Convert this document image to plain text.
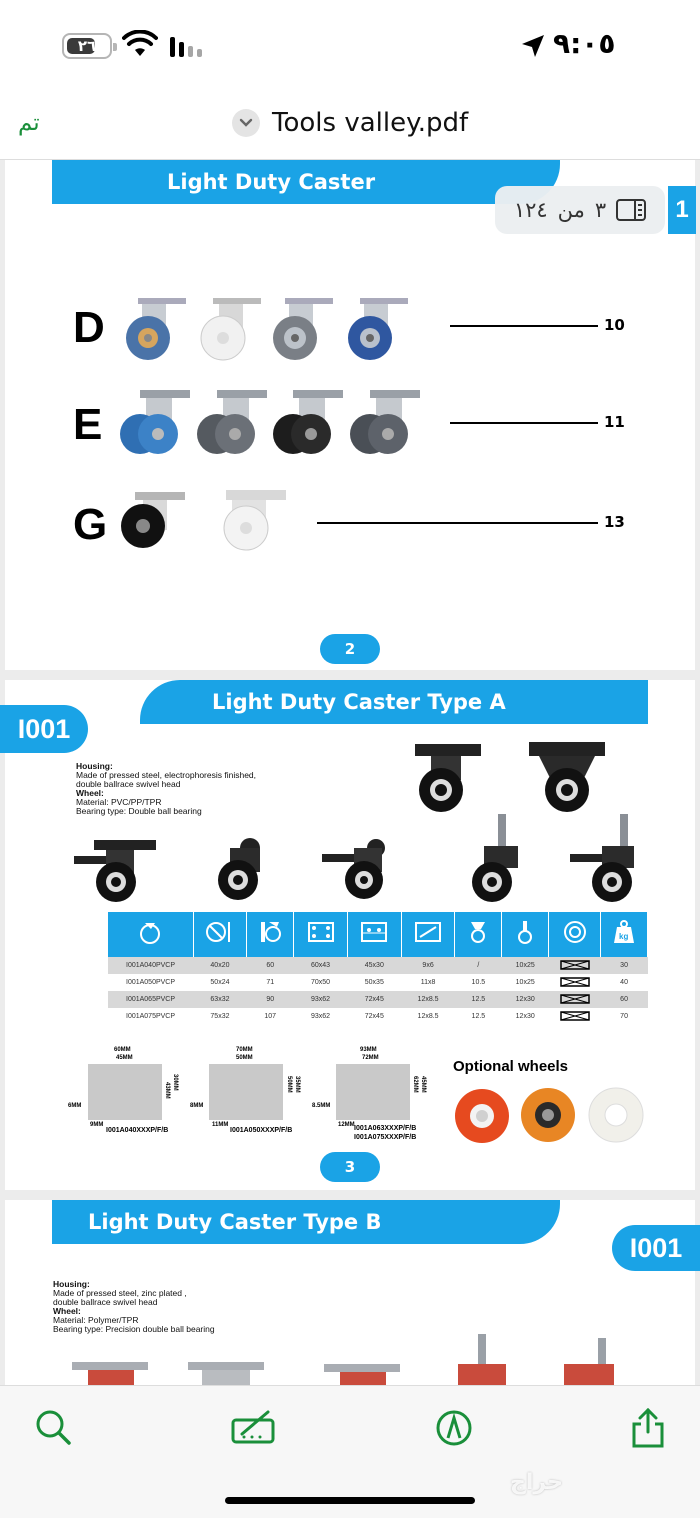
٢٦	٩:٠٥
تم	Tools valley.pdf
Light Duty Caster
D
E
G
10
11
13
2
١٢٤ من ٣	1
Light Duty Caster Type A
I001
Housing:
Made of pressed steel, electrophoresis finished,
double ballrace swivel head
Wheel:
Material: PVC/PP/TPR
Bearing type: Double ball bearing

kg

I001A040PVCP	40x20	60	60x43	45x30	9x6	/	10x25		30
I001A050PVCP	50x24	71	70x50	50x35	11x8	10.5	10x25		40
I001A065PVCP	63x32	90	93x62	72x45	12x8.5	12.5	12x30		60
I001A075PVCP	75x32	107	93x62	72x45	12x8.5	12.5	12x30		70
60MM
45MM
43MM 30MM
6MM
9MM
I001A040XXXP/F/B
70MM
50MM
50MM 35MM
8MM
11MM
I001A050XXXP/F/B
93MM
72MM
62MM 45MM
8.5MM
12MM I001A063XXXP/F/B
I001A075XXXP/F/B
Optional wheels
3
Light Duty Caster Type B
I001
Housing:
Made of pressed steel, zinc plated ,
double ballrace swivel head
Wheel:
Material: Polymer/TPR
Bearing type: Precision double ball bearing
حراج
